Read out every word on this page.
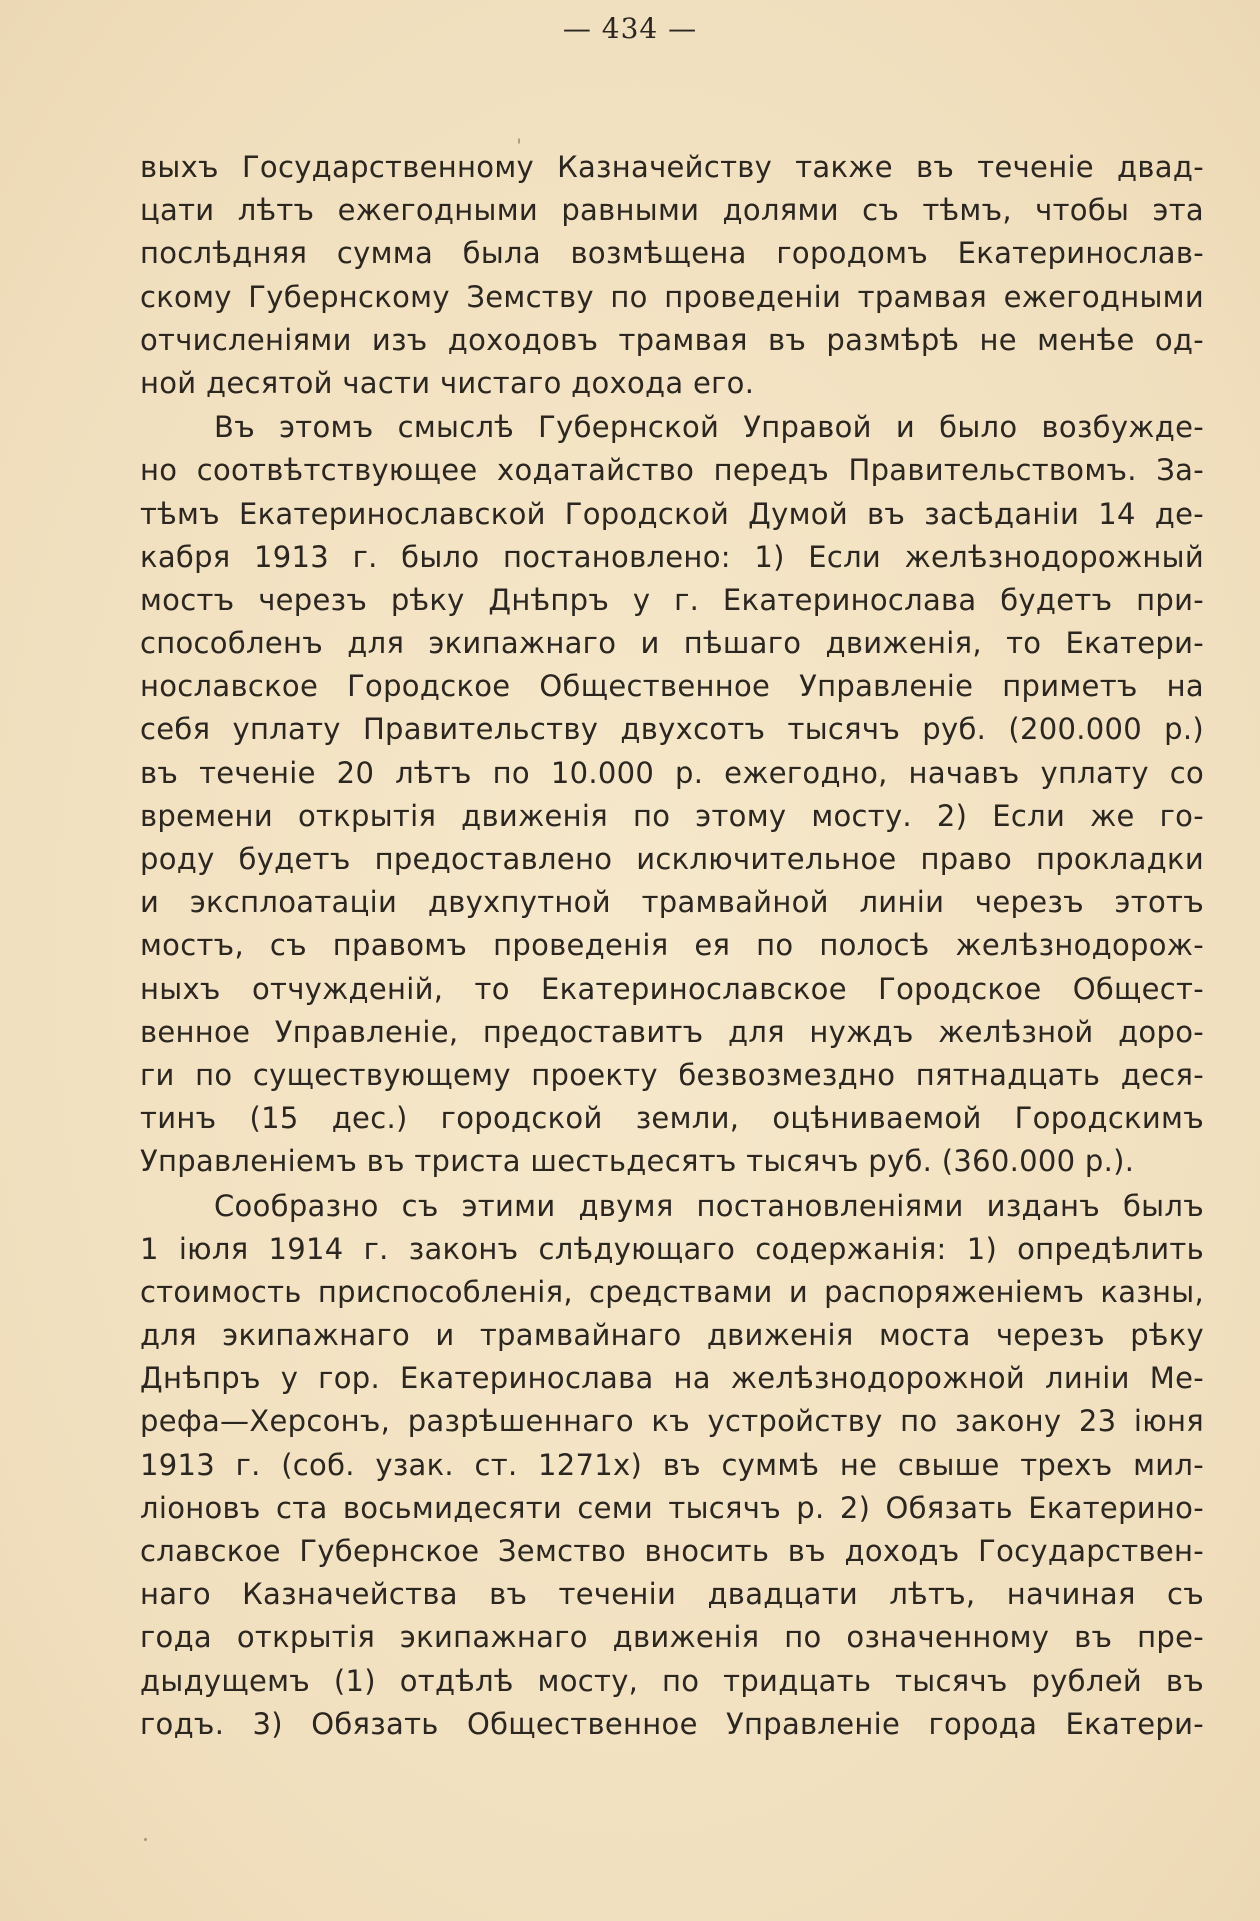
— 434 —
выхъ Государственному Казначейству также въ теченіе двад-
цати лѣтъ ежегодными равными долями съ тѣмъ, чтобы эта
послѣдняя сумма была возмѣщена городомъ Екатеринослав-
скому Губернскому Земству по проведеніи трамвая ежегодными
отчисленіями изъ доходовъ трамвая въ размѣрѣ не менѣе од-
ной десятой части чистаго дохода его.
Въ этомъ смыслѣ Губернской Управой и было возбужде-
но соотвѣтствующее ходатайство передъ Правительствомъ. За-
тѣмъ Екатеринославской Городской Думой въ засѣданіи 14 де-
кабря 1913 г. было постановлено: 1) Если желѣзнодорожный
мостъ черезъ рѣку Днѣпръ у г. Екатеринослава будетъ при-
способленъ для экипажнаго и пѣшаго движенія, то Екатери-
нославское Городское Общественное Управленіе приметъ на
себя уплату Правительству двухсотъ тысячъ руб. (200.000 р.)
въ теченіе 20 лѣтъ по 10.000 р. ежегодно, начавъ уплату со
времени открытія движенія по этому мосту. 2) Если же го-
роду будетъ предоставлено исключительное право прокладки
и эксплоатаціи двухпутной трамвайной линіи черезъ этотъ
мостъ, съ правомъ проведенія ея по полосѣ желѣзнодорож-
ныхъ отчужденій, то Екатеринославское Городское Общест-
венное Управленіе, предоставитъ для нуждъ желѣзной доро-
ги по существующему проекту безвозмездно пятнадцать деся-
тинъ (15 дес.) городской земли, оцѣниваемой Городскимъ
Управленіемъ въ триста шестьдесятъ тысячъ руб. (360.000 р.).
Сообразно съ этими двумя постановленіями изданъ былъ
1 іюля 1914 г. законъ слѣдующаго содержанія: 1) опредѣлить
стоимость приспособленія, средствами и распоряженіемъ казны,
для экипажнаго и трамвайнаго движенія моста черезъ рѣку
Днѣпръ у гор. Екатеринослава на желѣзнодорожной линіи Ме-
рефа—Херсонъ, разрѣшеннаго къ устройству по закону 23 іюня
1913 г. (соб. узак. ст. 1271х) въ суммѣ не свыше трехъ мил-
ліоновъ ста восьмидесяти семи тысячъ р. 2) Обязать Екатерино-
славское Губернское Земство вносить въ доходъ Государствен-
наго Казначейства въ теченіи двадцати лѣтъ, начиная съ
года открытія экипажнаго движенія по означенному въ пре-
дыдущемъ (1) отдѣлѣ мосту, по тридцать тысячъ рублей въ
годъ. 3) Обязать Общественное Управленіе города Екатери-
